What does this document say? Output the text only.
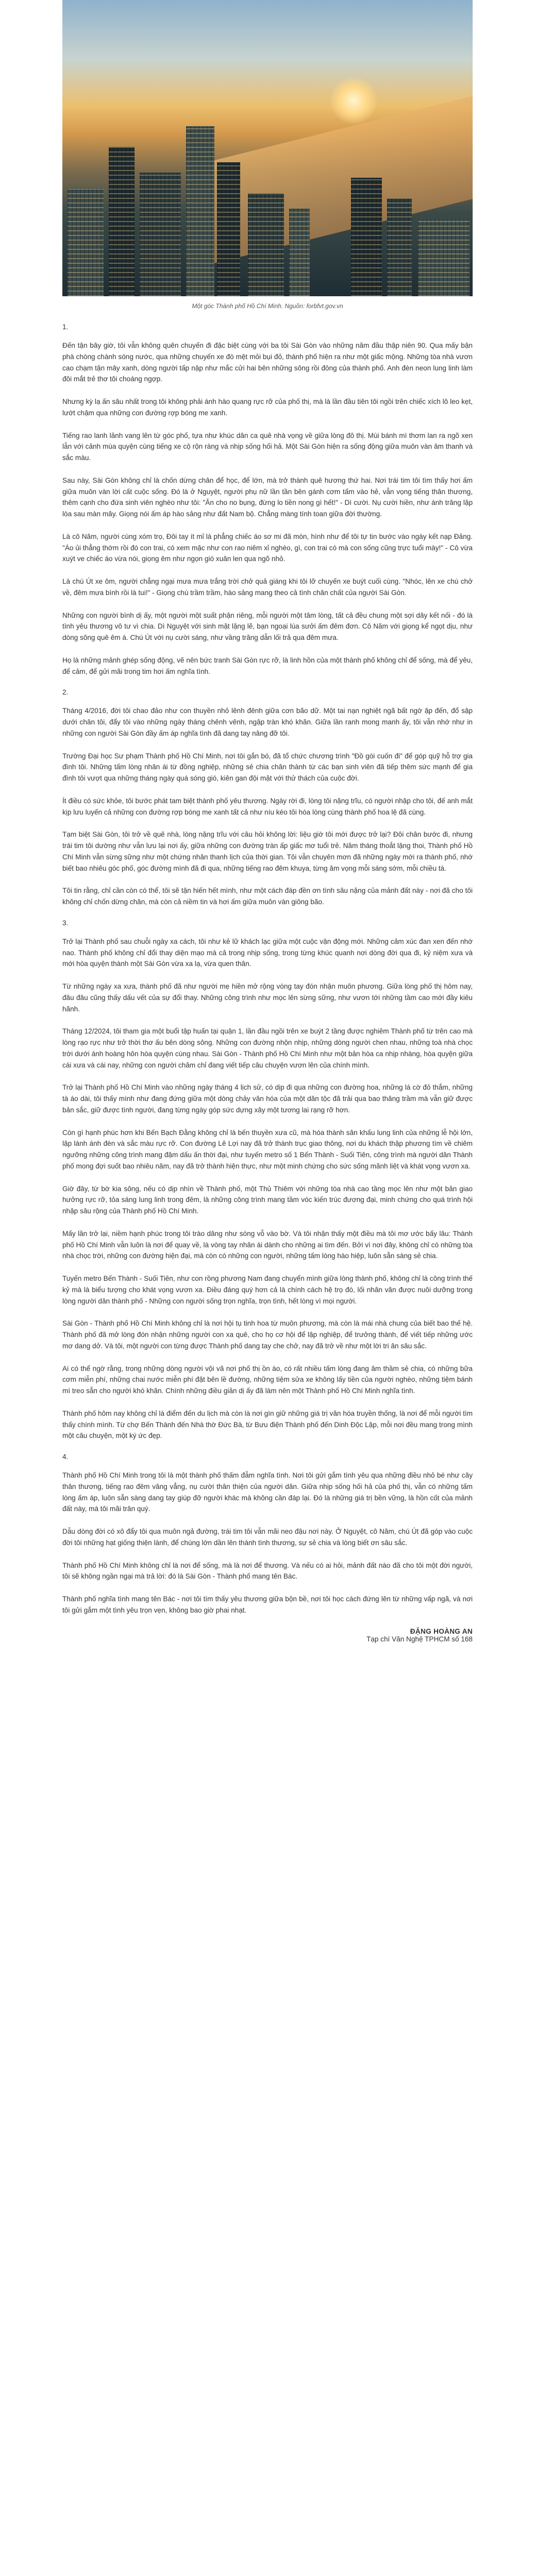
Một góc Thành phố Hồ Chí Minh. Nguồn: forbfvt.gov.vn
1.

Đến tận bây giờ, tôi vẫn không quên chuyến đi đặc biệt cùng với ba tôi Sài Gòn vào những năm đầu thập niên 90. Qua mấy bận phà chòng chành sóng nước, qua những chuyến xe đò mệt mỏi bụi đỏ, thành phố hiện ra như một giấc mộng. Những tòa nhà vươn cao chạm tận mây xanh, dòng người tấp nập như mắc cửi hai bên những sông rồi đông của thành phố. Anh đèn neon lung linh làm đôi mắt trẻ thơ tôi choáng ngợp.

Nhưng kỳ lạ ấn sâu nhất trong tôi không phải ánh hào quang rực rỡ của phố thị, mà là lần đầu tiên tôi ngồi trên chiếc xích lô leo kẹt, lướt chậm qua những con đường rợp bóng me xanh.

Tiếng rao lanh lảnh vang lên từ góc phố, tựa như khúc dân ca quê nhà vọng về giữa lòng đô thị. Mùi bánh mì thơm lan ra ngõ xen lẫn với cảnh mùa quyện cùng tiếng xe cộ rộn ràng và nhịp sống hối hả. Một Sài Gòn hiện ra sống động giữa muôn vàn âm thanh và sắc màu.

Sau này, Sài Gòn không chỉ là chốn dừng chân để học, để lớn, mà trở thành quê hương thứ hai. Nơi trái tim tôi tìm thấy hơi ấm giữa muôn vàn lời cất cuộc sống. Đó là ở Nguyệt, người phụ nữ lần tần bên gánh cơm tấm vào hẻ, vẫn vọng tiếng thân thương, thêm cạnh cho đứa sinh viên nghèo như tôi: "Ăn cho no bụng, đừng lo tiền nong gì hết!" - Dì cười. Nụ cười hiền, như ánh trăng lặp lòa sau màn mây. Giọng nói ấm áp hào sảng như đất Nam bộ. Chẳng màng tính toan giữa đời thường.

Là cô Năm, người cùng xóm trọ, Đôi tay ít mỉ là phẳng chiếc áo sơ mi đã mòn, hình như để tôi tự tin bước vào ngày kết nạp Đảng. "Áo ủi thẳng thớm rồi đó con trai, có xem mặc như con rao niêm xỉ nghèo, gì, con trai có mà con sống cũng trực tuổi mày!" - Cô vừa xuýt ve chiếc áo vừa nói, giọng êm như ngọn gió xuân len qua ngõ nhỏ.

Là chú Út xe ôm, người chẳng ngại mưa mưa trắng trời chở quả giáng khi tôi lỡ chuyến xe buýt cuối cùng. "Nhóc, lên xe chú chở về, đêm mưa bình rồi là tui!" - Giọng chú trầm trầm, hào sảng mang theo cả tình chân chất của người Sài Gòn.

Những con người bình dị ấy, một người một suất phận riêng, mỗi người một tâm lòng, tất cả đều chung một sợi dây kết nối - đó là tình yêu thương vô tư vì chia. Dì Nguyệt với sinh mặt lặng lẽ, bạn ngoại lúa sưởi ấm đêm đơn. Cô Năm với giọng kể ngọt dịu, như dòng sông quê êm á. Chú Út với nụ cười sáng, như vầng trăng dẫn lối trả qua đêm mưa.

Họ là những mảnh ghép sống động, vẽ nên bức tranh Sài Gòn rực rỡ, là linh hồn của một thành phố không chỉ để sống, mà để yêu, để cảm, để gửi mãi trong tim hơi ấm nghĩa tình.

2.

Tháng 4/2016, đời tôi chao đảo như con thuyền nhỏ lênh đênh giữa cơn bão dữ. Một tai nạn nghiệt ngã bất ngờ ập đến, đổ sập dưới chân tôi, đẩy tôi vào những ngày tháng chênh vênh, ngập tràn khó khăn. Giữa lần ranh mong manh ấy, tôi vẫn nhớ như in những con người Sài Gòn đầy ấm áp nghĩa tình đã dang tay nâng đỡ tôi.

Trường Đại học Sư phạm Thành phố Hồ Chí Minh, nơi tôi gắn bó, đã tổ chức chương trình "Đồ gói cuốn đi" để góp quỹ hỗ trợ gia đình tôi. Những tấm lòng nhân ái từ đồng nghiệp, những sẻ chia chân thành từ các bạn sinh viên đã tiếp thêm sức mạnh để gia đình tôi vượt qua những tháng ngày quá sóng gió, kiên gan đội mặt với thử thách của cuộc đời.

Ít điều có sức khỏe, tôi bước phát tam biệt thành phố yêu thương. Ngày rời đi, lòng tôi nặng trĩu, có người nhập cho tôi, đế anh mắt kịp lưu luyến cả những con đường rợp bóng me xanh tất cả như níu kéo tôi hòa lòng cùng thành phố hoa lệ đã cùng.

Tạm biệt Sài Gòn, tôi trở về quê nhà, lòng nặng trĩu với câu hỏi không lời: liệu giờ tôi mới được trở lại? Đôi chân bước đi, nhưng trái tim tôi dường như vẫn lưu lại nơi ấy, giữa những con đường tràn ấp giấc mơ tuổi trẻ. Năm tháng thoắt lặng thoi, Thành phố Hồ Chí Minh vẫn sừng sững như một chứng nhân thanh lịch của thời gian. Tôi vẫn chuyên mơn đã những ngày mới ra thành phố, nhớ biết bao nhiêu góc phố, góc đường mình đã đi qua, những tiếng rao đêm khuya, từng âm vọng mỗi sáng sớm, mỗi chiều tà.

Tôi tin rằng, chỉ cần còn có thể, tôi sẽ tận hiến hết mình, như một cách đáp đền ơn tình sâu nặng của mảnh đất này - nơi đã cho tôi không chỉ chốn dừng chân, mà còn cả niềm tin và hơi ấm giữa muôn vàn giông bão.

3.

Trở lại Thành phố sau chuỗi ngày xa cách, tôi như kẻ lữ khách lạc giữa một cuộc vận động mới. Những cảm xúc đan xen đến nhớ nao. Thành phố không chỉ đổi thay diện mạo mà cả trong nhịp sống, trong từng khúc quanh nơi dòng đời qua đi, kỷ niệm xưa và mới hòa quyện thành một Sài Gòn vừa xa lạ, vừa quen thân.

Từ những ngày xa xưa, thành phố đã như người mẹ hiền mở rộng vòng tay đón nhận muôn phương. Giữa lòng phố thị hôm nay, đâu đâu cũng thấy dấu vết của sự đổi thay. Những công trình như mọc lên sừng sững, như vươn tới những tầm cao mới đầy kiêu hãnh.

Tháng 12/2024, tôi tham gia một buổi tập huấn tại quận 1, lần đầu ngồi trên xe buýt 2 tầng được nghiêm Thành phố từ trên cao mà lòng rạo rực như trở thời thơ ấu bên dòng sông. Những con đường nhộn nhịp, những dòng người chen nhau, những toà nhà chọc trời dưới ánh hoàng hôn hòa quyện cùng nhau. Sài Gòn - Thành phố Hồ Chí Minh như một bản hòa ca nhịp nhàng, hòa quyện giữa cái xưa và cái nay, những con người chăm chỉ đang viết tiếp câu chuyện vươn lên của chính mình.

Trở lại Thành phố Hồ Chí Minh vào những ngày tháng 4 lịch sử, có dịp đi qua những con đường hoa, những lá cờ đỏ thắm, những tà áo dài, tôi thấy mình như đang đứng giữa một dòng chảy văn hóa của một dân tộc đã trải qua bao thăng trầm mà vẫn giữ được bản sắc, giữ được tình người, đang từng ngày góp sức dựng xây một tương lai rạng rỡ hơn.

Còn gì hạnh phúc hơn khi Bến Bạch Đằng không chỉ là bến thuyền xưa cũ, mà hóa thành sân khấu lung linh của những lễ hội lớn, lập lánh ánh đèn và sắc màu rực rỡ. Con đường Lê Lợi nay đã trở thành trục giao thông, nơi du khách thập phương tìm về chiêm ngưỡng những công trình mang đậm dấu ấn thời đại, như tuyến metro số 1 Bến Thành - Suối Tiên, công trình mà người dân Thành phố mong đợi suốt bao nhiêu năm, nay đã trở thành hiện thực, như một minh chứng cho sức sống mãnh liệt và khát vọng vươn xa.

Giờ đây, từ bờ kia sông, nếu có dịp nhìn về Thành phố, một Thủ Thiêm với những tòa nhà cao tầng mọc lên như một bản giao hưởng rực rỡ, tỏa sáng lung linh trong đêm, là những công trình mang tầm vóc kiến trúc đương đại, minh chứng cho quá trình hội nhập sâu rộng của Thành phố Hồ Chí Minh.

Mấy lần trở lại, niềm hạnh phúc trong tôi trào dâng như sóng vỗ vào bờ. Và tôi nhận thấy một điều mà tôi mơ ước bấy lâu: Thành phố Hồ Chí Minh vẫn luôn là nơi để quay về, là vòng tay nhân ái dành cho những ai tìm đến. Bởi vì nơi đây, không chỉ có những tòa nhà chọc trời, những con đường hiện đại, mà còn có những con người, những tấm lòng hào hiệp, luôn sẵn sàng sẻ chia.

Tuyến metro Bến Thành - Suối Tiên, như con rồng phương Nam đang chuyển mình giữa lòng thành phố, không chỉ là công trình thế kỷ mà là biểu tượng cho khát vọng vươn xa. Điều đáng quý hơn cả là chính cách hệ trọ đó, lối nhân văn được nuôi dưỡng trong lòng người dân thành phố - Những con người sống trọn nghĩa, trọn tình, hết lòng vì mọi người.

Sài Gòn - Thành phố Hồ Chí Minh không chỉ là nơi hội tụ tinh hoa từ muôn phương, mà còn là mái nhà chung của biết bao thế hệ. Thành phố đã mở lòng đón nhận những người con xa quê, cho họ cơ hội để lập nghiệp, để trưởng thành, để viết tiếp những ước mơ dang dở. Và tôi, một người con từng được Thành phố dang tay che chở, nay đã trở về như một lời tri ân sâu sắc.

Ai có thể ngờ rằng, trong những dòng người vội vã nơi phố thị ồn ào, có rất nhiều tấm lòng đang âm thầm sẻ chia, có những bữa cơm miễn phí, những chai nước miễn phí đặt bên lề đường, những tiệm sửa xe không lấy tiền của người nghèo, những tiệm bánh mì treo sẵn cho người khó khăn. Chính những điều giản dị ấy đã làm nên một Thành phố Hồ Chí Minh nghĩa tình.

Thành phố hôm nay không chỉ là điểm đến du lịch mà còn là nơi gìn giữ những giá trị văn hóa truyền thống, là nơi để mỗi người tìm thấy chính mình. Từ chợ Bến Thành đến Nhà thờ Đức Bà, từ Bưu điện Thành phố đến Dinh Độc Lập, mỗi nơi đều mang trong mình một câu chuyện, một ký ức đẹp.

4.

Thành phố Hồ Chí Minh trong tôi là một thành phố thấm đẫm nghĩa tình. Nơi tôi gửi gắm tình yêu qua những điều nhỏ bé như cây thân thương, tiếng rao đêm văng vẳng, nụ cười thân thiện của người dân. Giữa nhịp sống hối hả của phố thị, vẫn có những tấm lòng ấm áp, luôn sẵn sàng dang tay giúp đỡ người khác mà không cần đáp lại. Đó là những giá trị bền vững, là hồn cốt của mảnh đất này, mà tôi mãi trân quý.

Dẫu dòng đời có xô đẩy tôi qua muôn ngả đường, trái tim tôi vẫn mãi neo đậu nơi này. Ở Nguyệt, cô Năm, chú Út đã góp vào cuộc đời tôi những hạt giống thiện lành, để chúng lớn dần lên thành tình thương, sự sẻ chia và lòng biết ơn sâu sắc.

Thành phố Hồ Chí Minh không chỉ là nơi để sống, mà là nơi để thương. Và nếu có ai hỏi, mảnh đất nào đã cho tôi một đời người, tôi sẽ không ngần ngại mà trả lời: đó là Sài Gòn - Thành phố mang tên Bác.

Thành phố nghĩa tình mang tên Bác - nơi tôi tìm thấy yêu thương giữa bộn bề, nơi tôi học cách đứng lên từ những vấp ngã, và nơi tôi gửi gắm một tình yêu trọn vẹn, không bao giờ phai nhạt.

ĐẶNG HOÀNG AN
Tạp chí Văn Nghệ TPHCM số 168
